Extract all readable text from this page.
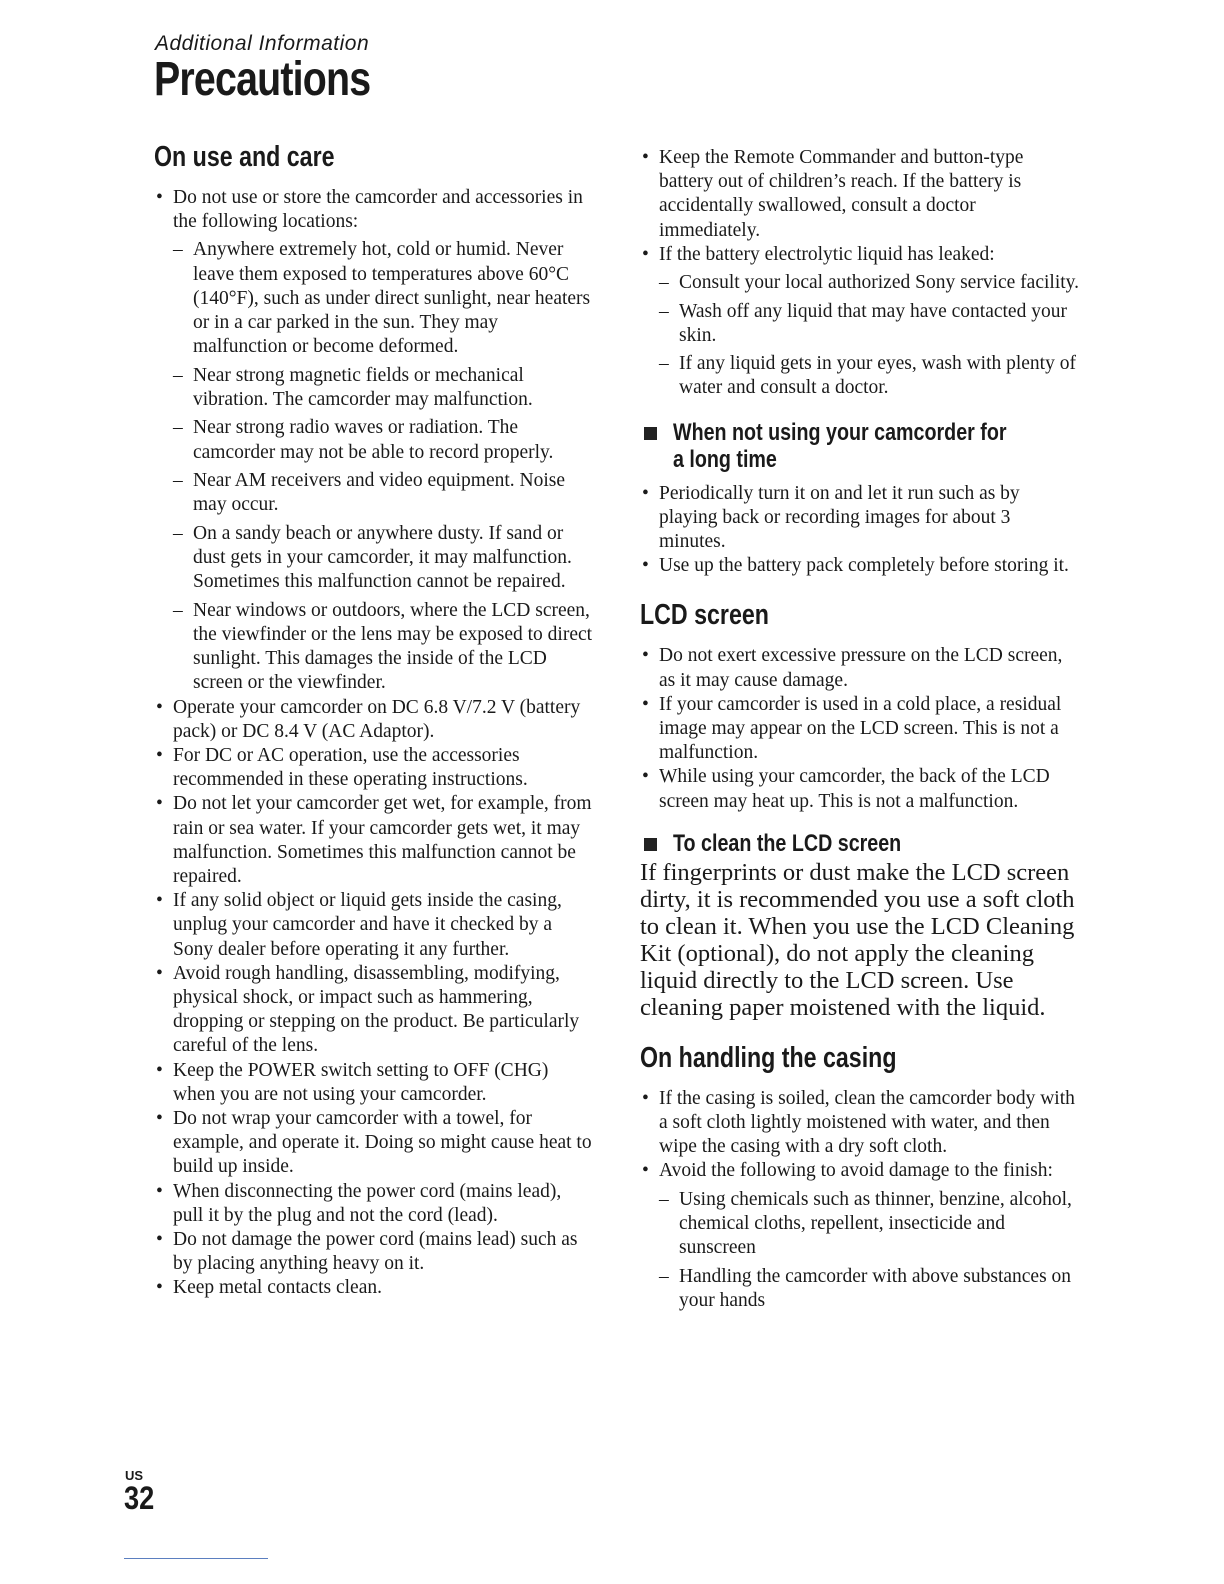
Additional Information
Precautions
On use and care
• Do not use or store the camcorder and accessories in the following locations:
– Anywhere extremely hot, cold or humid. Never leave them exposed to temperatures above 60°C (140°F), such as under direct sunlight, near heaters or in a car parked in the sun. They may malfunction or become deformed.
– Near strong magnetic fields or mechanical vibration. The camcorder may malfunction.
– Near strong radio waves or radiation. The camcorder may not be able to record properly.
– Near AM receivers and video equipment. Noise may occur.
– On a sandy beach or anywhere dusty. If sand or dust gets in your camcorder, it may malfunction. Sometimes this malfunction cannot be repaired.
– Near windows or outdoors, where the LCD screen, the viewfinder or the lens may be exposed to direct sunlight. This damages the inside of the LCD screen or the viewfinder.
• Operate your camcorder on DC 6.8 V/7.2 V (battery pack) or DC 8.4 V (AC Adaptor).
• For DC or AC operation, use the accessories recommended in these operating instructions.
• Do not let your camcorder get wet, for example, from rain or sea water. If your camcorder gets wet, it may malfunction. Sometimes this malfunction cannot be repaired.
• If any solid object or liquid gets inside the casing, unplug your camcorder and have it checked by a Sony dealer before operating it any further.
• Avoid rough handling, disassembling, modifying, physical shock, or impact such as hammering, dropping or stepping on the product. Be particularly careful of the lens.
• Keep the POWER switch setting to OFF (CHG) when you are not using your camcorder.
• Do not wrap your camcorder with a towel, for example, and operate it. Doing so might cause heat to build up inside.
• When disconnecting the power cord (mains lead), pull it by the plug and not the cord (lead).
• Do not damage the power cord (mains lead) such as by placing anything heavy on it.
• Keep metal contacts clean.
• Keep the Remote Commander and button-type battery out of children’s reach. If the battery is accidentally swallowed, consult a doctor immediately.
• If the battery electrolytic liquid has leaked:
– Consult your local authorized Sony service facility.
– Wash off any liquid that may have contacted your skin.
– If any liquid gets in your eyes, wash with plenty of water and consult a doctor.
When not using your camcorder for a long time
• Periodically turn it on and let it run such as by playing back or recording images for about 3 minutes.
• Use up the battery pack completely before storing it.
LCD screen
• Do not exert excessive pressure on the LCD screen, as it may cause damage.
• If your camcorder is used in a cold place, a residual image may appear on the LCD screen. This is not a malfunction.
• While using your camcorder, the back of the LCD screen may heat up. This is not a malfunction.
To clean the LCD screen

If fingerprints or dust make the LCD screen dirty, it is recommended you use a soft cloth to clean it. When you use the LCD Cleaning Kit (optional), do not apply the cleaning liquid directly to the LCD screen. Use cleaning paper moistened with the liquid.

On handling the casing
• If the casing is soiled, clean the camcorder body with a soft cloth lightly moistened with water, and then wipe the casing with a dry soft cloth.
• Avoid the following to avoid damage to the finish:
– Using chemicals such as thinner, benzine, alcohol, chemical cloths, repellent, insecticide and sunscreen
– Handling the camcorder with above substances on your hands
US
32
